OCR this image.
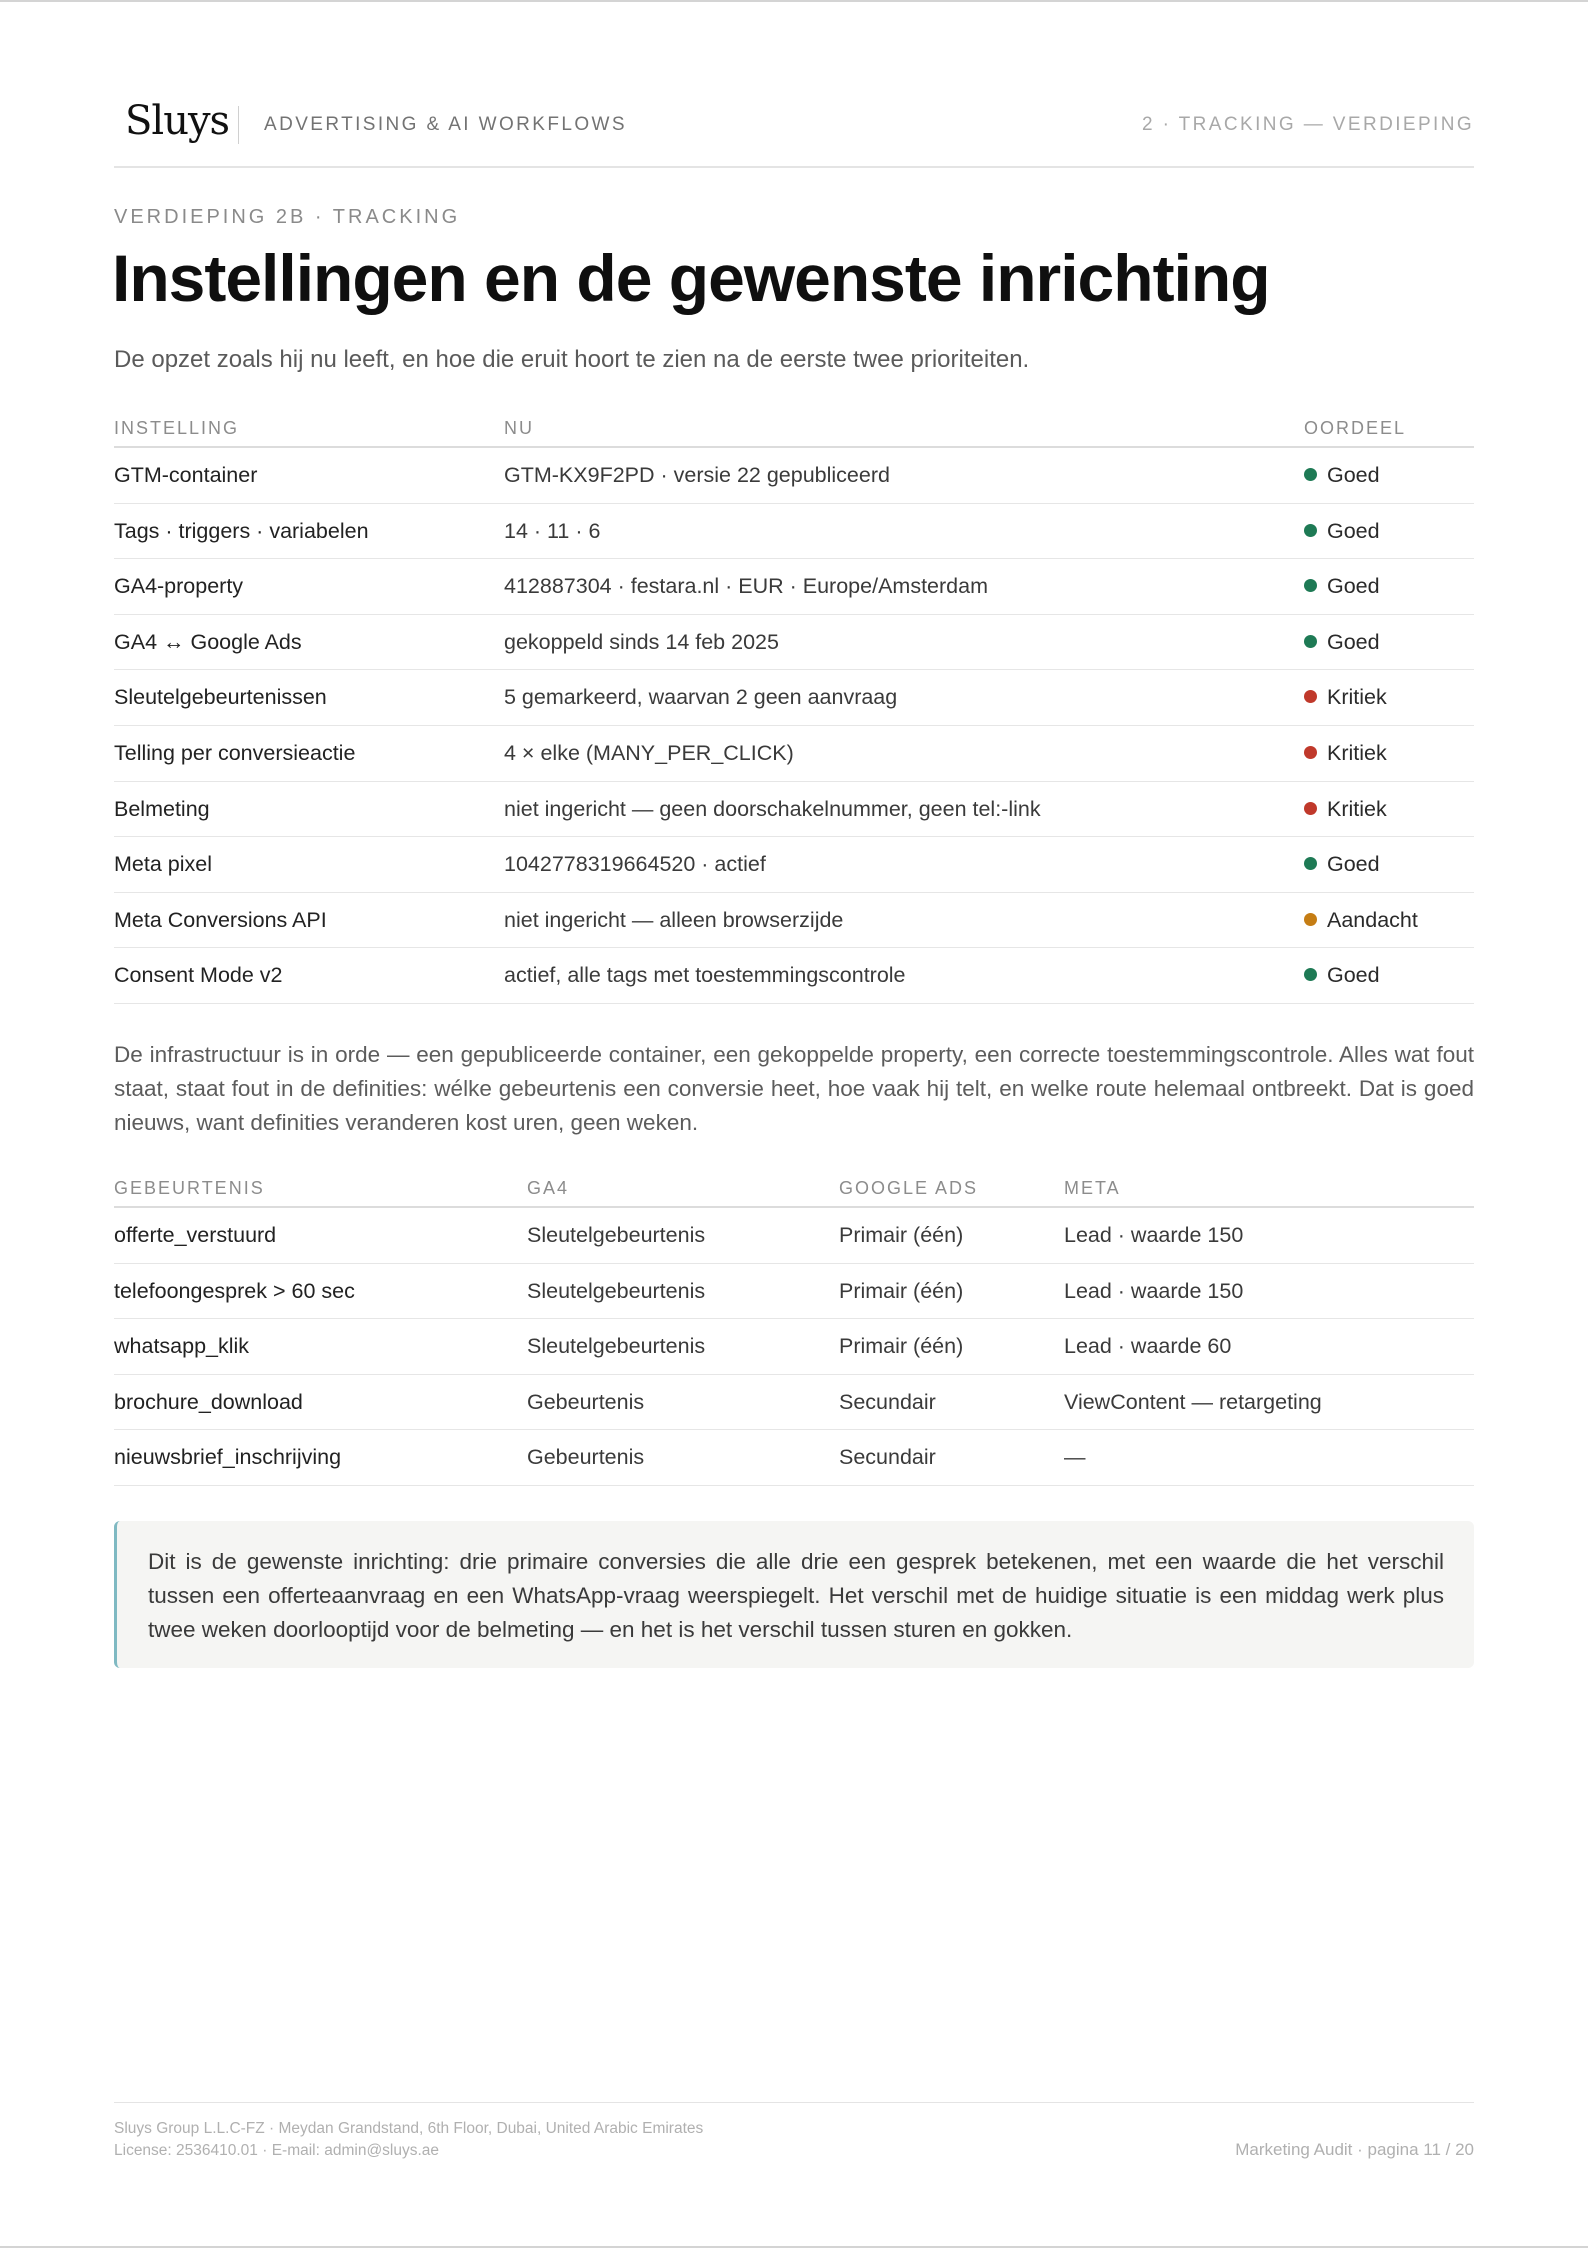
Sluys ADVERTISING & AI WORKFLOWS	2 · TRACKING — VERDIEPING
VERDIEPING 2B · TRACKING
Instellingen en de gewenste inrichting
De opzet zoals hij nu leeft, en hoe die eruit hoort te zien na de eerste twee prioriteiten.
INSTELLING	NU	OORDEEL
GTM-container	GTM-KX9F2PD · versie 22 gepubliceerd	Goed
Tags · triggers · variabelen	14 · 11 · 6	Goed
GA4-property	412887304 · festara.nl · EUR · Europe/Amsterdam	Goed
GA4 ↔ Google Ads	gekoppeld sinds 14 feb 2025	Goed
Sleutelgebeurtenissen	5 gemarkeerd, waarvan 2 geen aanvraag	Kritiek
Telling per conversieactie	4 × elke (MANY_PER_CLICK)	Kritiek
Belmeting	niet ingericht — geen doorschakelnummer, geen tel:-link	Kritiek
Meta pixel	1042778319664520 · actief	Goed
Meta Conversions API	niet ingericht — alleen browserzijde	Aandacht
Consent Mode v2	actief, alle tags met toestemmingscontrole	Goed
De infrastructuur is in orde — een gepubliceerde container, een gekoppelde property, een correcte toestemmingscontrole. Alles wat fout staat, staat fout in de definities: wélke gebeurtenis een conversie heet, hoe vaak hij telt, en welke route helemaal ontbreekt. Dat is goed nieuws, want definities veranderen kost uren, geen weken.
GEBEURTENIS	GA4	GOOGLE ADS	META
offerte_verstuurd	Sleutelgebeurtenis	Primair (één)	Lead · waarde 150
telefoongesprek > 60 sec	Sleutelgebeurtenis	Primair (één)	Lead · waarde 150
whatsapp_klik	Sleutelgebeurtenis	Primair (één)	Lead · waarde 60
brochure_download	Gebeurtenis	Secundair	ViewContent — retargeting
nieuwsbrief_inschrijving	Gebeurtenis	Secundair	—

Dit is de gewenste inrichting: drie primaire conversies die alle drie een gesprek betekenen, met een waarde die het verschil tussen een offerteaanvraag en een WhatsApp-vraag weerspiegelt. Het verschil met de huidige situatie is een middag werk plus twee weken doorlooptijd voor de belmeting — en het is het verschil tussen sturen en gokken.

Sluys Group L.L.C-FZ · Meydan Grandstand, 6th Floor, Dubai, United Arabic Emirates
License: 2536410.01 · E-mail: admin@sluys.ae	Marketing Audit · pagina 11 / 20
